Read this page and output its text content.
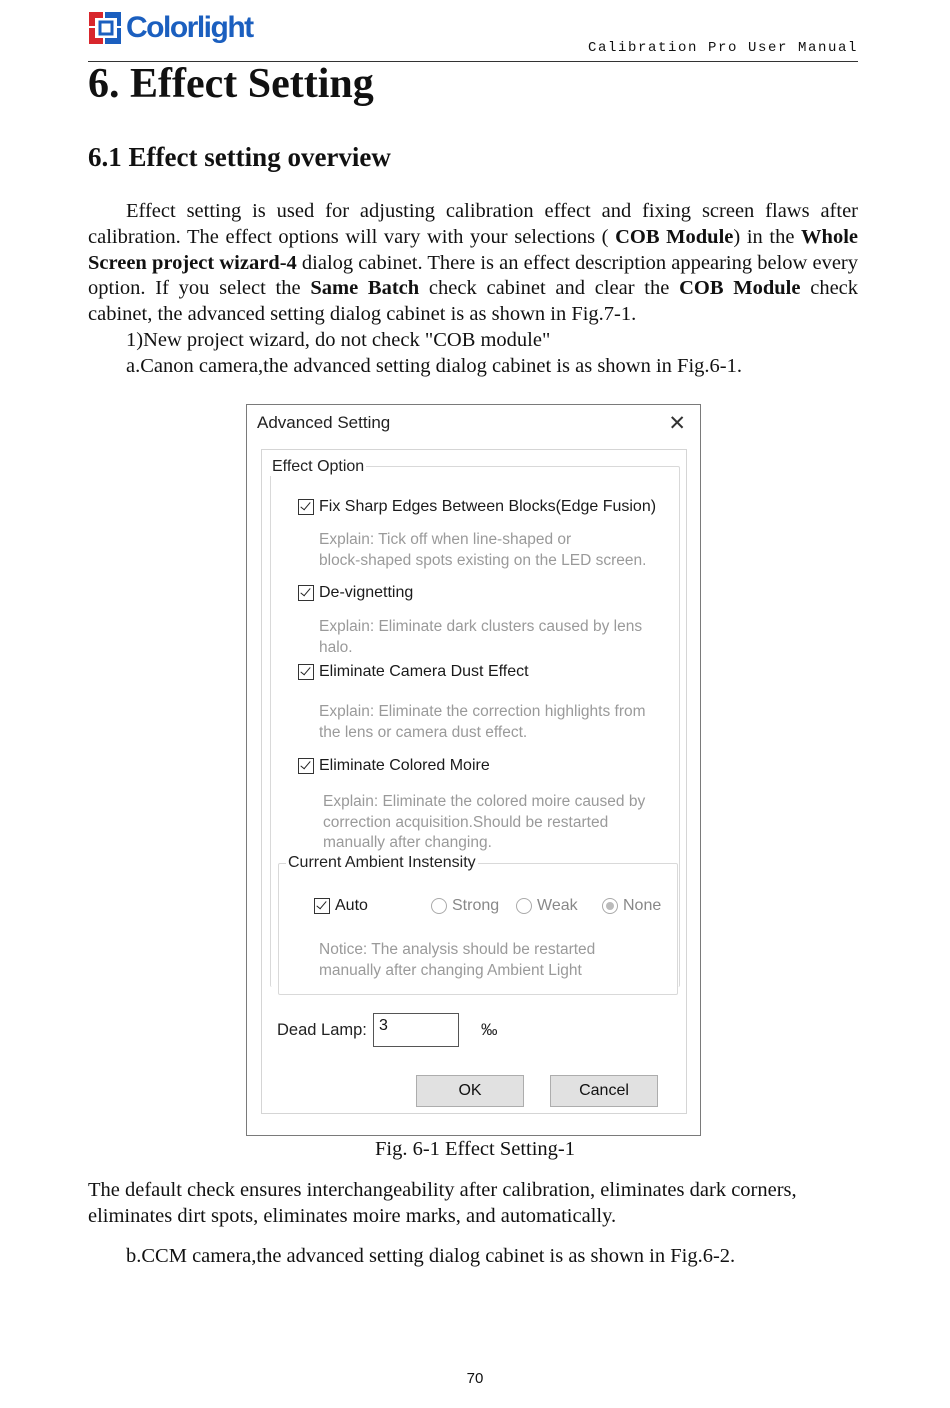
Colorlight
Calibration Pro User Manual
6. Effect Setting
6.1 Effect setting overview

Effect setting is used for adjusting calibration effect and fixing screen flaws after calibration. The effect options will vary with your selections ( COB Module) in the Whole Screen project wizard-4 dialog cabinet. There is an effect description appearing below every option. If you select the Same Batch check cabinet and clear the COB Module check cabinet, the advanced setting dialog cabinet is as shown in Fig.7-1.

1)New project wizard, do not check "COB module"
a.Canon camera,the advanced setting dialog cabinet is as shown in Fig.6-1.
Advanced Setting	✕
Effect Option
Fix Sharp Edges Between Blocks(Edge Fusion)
Explain: Tick off when line-shaped or
block-shaped spots existing on the LED screen.
De-vignetting
Explain: Eliminate dark clusters caused by lens
halo.
Eliminate Camera Dust Effect
Explain: Eliminate the correction highlights from
the lens or camera dust effect.
Eliminate Colored Moire
Explain: Eliminate the colored moire caused by
correction acquisition.Should be restarted
manually after changing.
Current Ambient Instensity
Auto	Strong Weak	None
Notice: The analysis should be restarted
manually after changing Ambient Light
Dead Lamp: 3	‰
OK	Cancel
Fig. 6-1 Effect Setting-1
The default check ensures interchangeability after calibration, eliminates dark corners, eliminates dirt spots, eliminates moire marks, and automatically.
b.CCM camera,the advanced setting dialog cabinet is as shown in Fig.6-2.
70
